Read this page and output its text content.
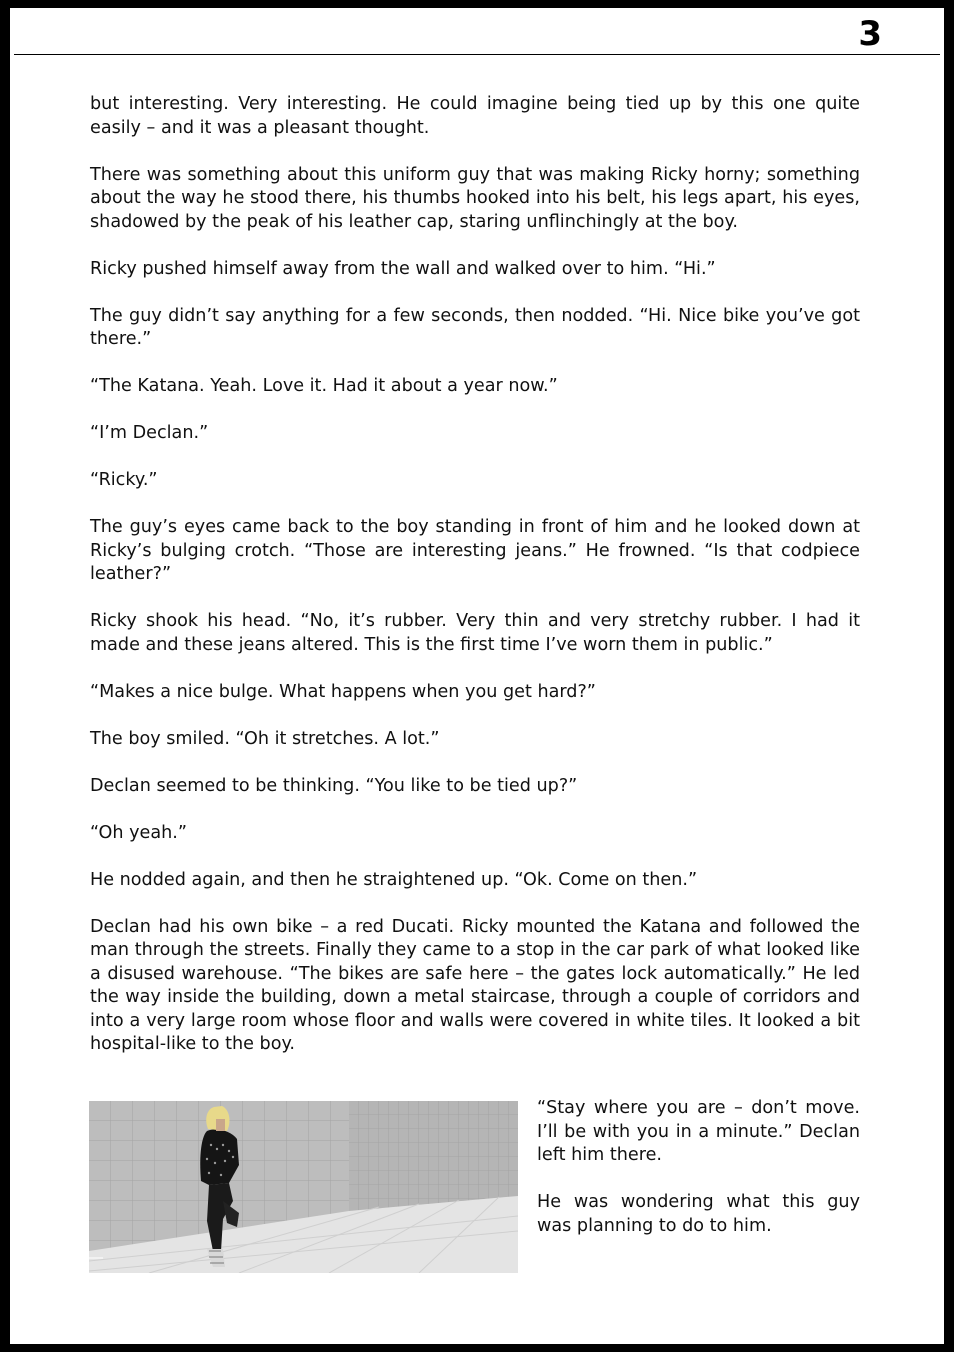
3

but interesting. Very interesting. He could imagine being tied up by this one quite easily – and it was a pleasant thought.

There was something about this uniform guy that was making Ricky horny; something about the way he stood there, his thumbs hooked into his belt, his legs apart, his eyes, shadowed by the peak of his leather cap, staring unflinchingly at the boy.

Ricky pushed himself away from the wall and walked over to him. “Hi.”

The guy didn’t say anything for a few seconds, then nodded. “Hi. Nice bike you’ve got there.”

“The Katana. Yeah. Love it. Had it about a year now.”

“I’m Declan.”

“Ricky.”

The guy’s eyes came back to the boy standing in front of him and he looked down at Ricky’s bulging crotch. “Those are interesting jeans.” He frowned. “Is that codpiece leather?”

Ricky shook his head. “No, it’s rubber. Very thin and very stretchy rubber. I had it made and these jeans altered. This is the first time I’ve worn them in public.”

“Makes a nice bulge. What happens when you get hard?”

The boy smiled. “Oh it stretches. A lot.”

Declan seemed to be thinking. “You like to be tied up?”

“Oh yeah.”

He nodded again, and then he straightened up. “Ok. Come on then.”

Declan had his own bike – a red Ducati. Ricky mounted the Katana and followed the man through the streets. Finally they came to a stop in the car park of what looked like a disused warehouse. “The bikes are safe here – the gates lock automatically.” He led the way inside the building, down a metal staircase, through a couple of corridors and into a very large room whose floor and walls were covered in white tiles. It looked a bit hospital-like to the boy.

“Stay where you are – don’t move. I’ll be with you in a minute.” Declan left him there.

He was wondering what this guy was planning to do to him.
